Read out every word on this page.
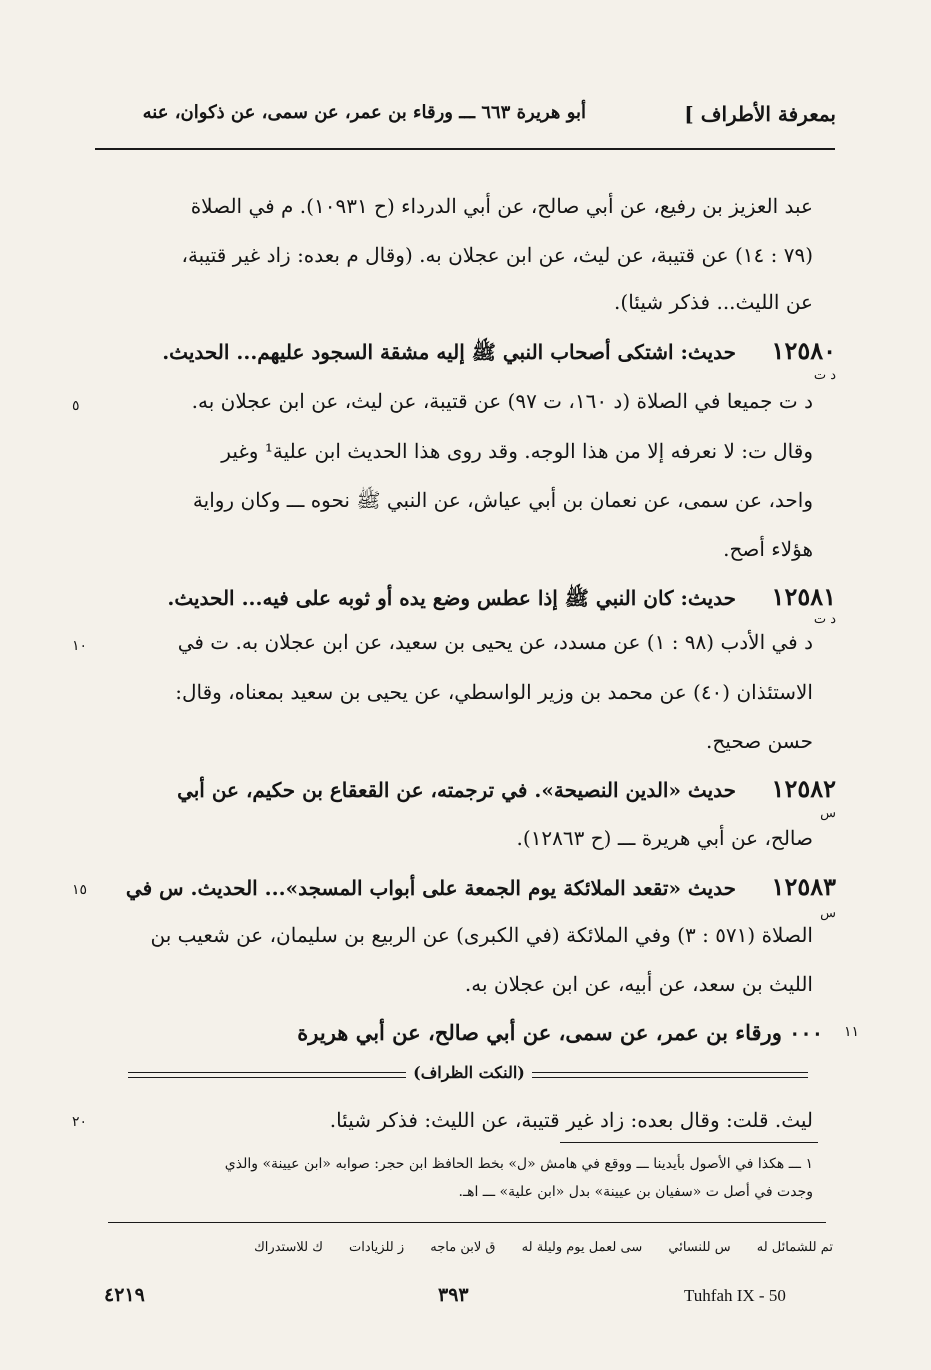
بمعرفة الأطراف ]
أبو هريرة ٦٦٣ ـــ ورقاء بن عمر، عن سمى، عن ذكوان، عنه
عبد العزيز بن رفيع، عن أبي صالح، عن أبي الدرداء (ح ١٠٩٣١). م في الصلاة
(٧٩ : ١٤) عن قتيبة، عن ليث، عن ابن عجلان به. (وقال م بعده: زاد غير قتيبة،
عن الليث... فذكر شيئا).
١٢٥٨٠
حديث: اشتكى أصحاب النبي ﷺ إليه مشقة السجود عليهم... الحديث.
د ت
د ت جميعا في الصلاة (د ١٦٠، ت ٩٧) عن قتيبة، عن ليث، عن ابن عجلان به.
وقال ت: لا نعرفه إلا من هذا الوجه. وقد روى هذا الحديث ابن علية¹ وغير
واحد، عن سمى، عن نعمان بن أبي عياش، عن النبي ﷺ نحوه ـــ وكان رواية
هؤلاء أصح.
١٢٥٨١
حديث: كان النبي ﷺ إذا عطس وضع يده أو ثوبه على فيه... الحديث.
د ت
د في الأدب (٩٨ : ١) عن مسدد، عن يحيى بن سعيد، عن ابن عجلان به. ت في
الاستئذان (٤٠) عن محمد بن وزير الواسطي، عن يحيى بن سعيد بمعناه، وقال:
حسن صحيح.
١٢٥٨٢
حديث «الدين النصيحة». في ترجمته، عن القعقاع بن حكيم، عن أبي
س
صالح، عن أبي هريرة ـــ (ح ١٢٨٦٣).
١٢٥٨٣
حديث «تقعد الملائكة يوم الجمعة على أبواب المسجد»... الحديث. س في
س
الصلاة (٥٧١ : ٣) وفي الملائكة (في الكبرى) عن الربيع بن سليمان، عن شعيب بن
الليث بن سعد، عن أبيه، عن ابن عجلان به.
١١
٠٠٠ ورقاء بن عمر، عن سمى، عن أبي صالح، عن أبي هريرة
(النكت الظراف)
ليث. قلت: وقال بعده: زاد غير قتيبة، عن الليث: فذكر شيئا.
١ ـــ هكذا في الأصول بأيدينا ـــ ووقع في هامش «ل» بخط الحافظ ابن حجر: صوابه «ابن عيينة» والذي
وجدت في أصل ت «سفيان بن عيينة» بدل «ابن علية» ـــ اهـ.
تم للشمائل له س للنسائي سى لعمل يوم وليلة له ق لابن ماجه ز للزيادات ك للاستدراك
٥
١٠
١٥
٢٠
Tuhfah IX - 50
٣٩٣
٤٢١٩
